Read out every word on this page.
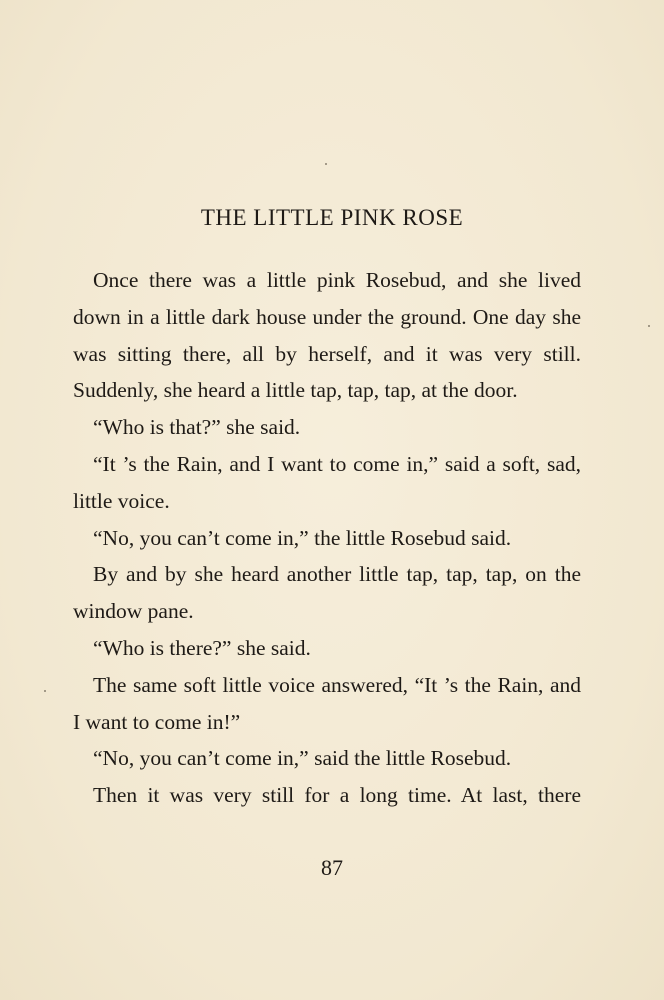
THE LITTLE PINK ROSE

Once there was a little pink Rosebud, and she lived down in a little dark house under the ground. One day she was sitting there, all by herself, and it was very still. Suddenly, she heard a little tap, tap, tap, at the door.

“Who is that?” she said.

“It ’s the Rain, and I want to come in,” said a soft, sad, little voice.

“No, you can’t come in,” the little Rosebud said.

By and by she heard another little tap, tap, tap, on the window pane.

“Who is there?” she said.

The same soft little voice answered, “It ’s the Rain, and I want to come in!”

“No, you can’t come in,” said the little Rosebud.

Then it was very still for a long time. At last, there

87
